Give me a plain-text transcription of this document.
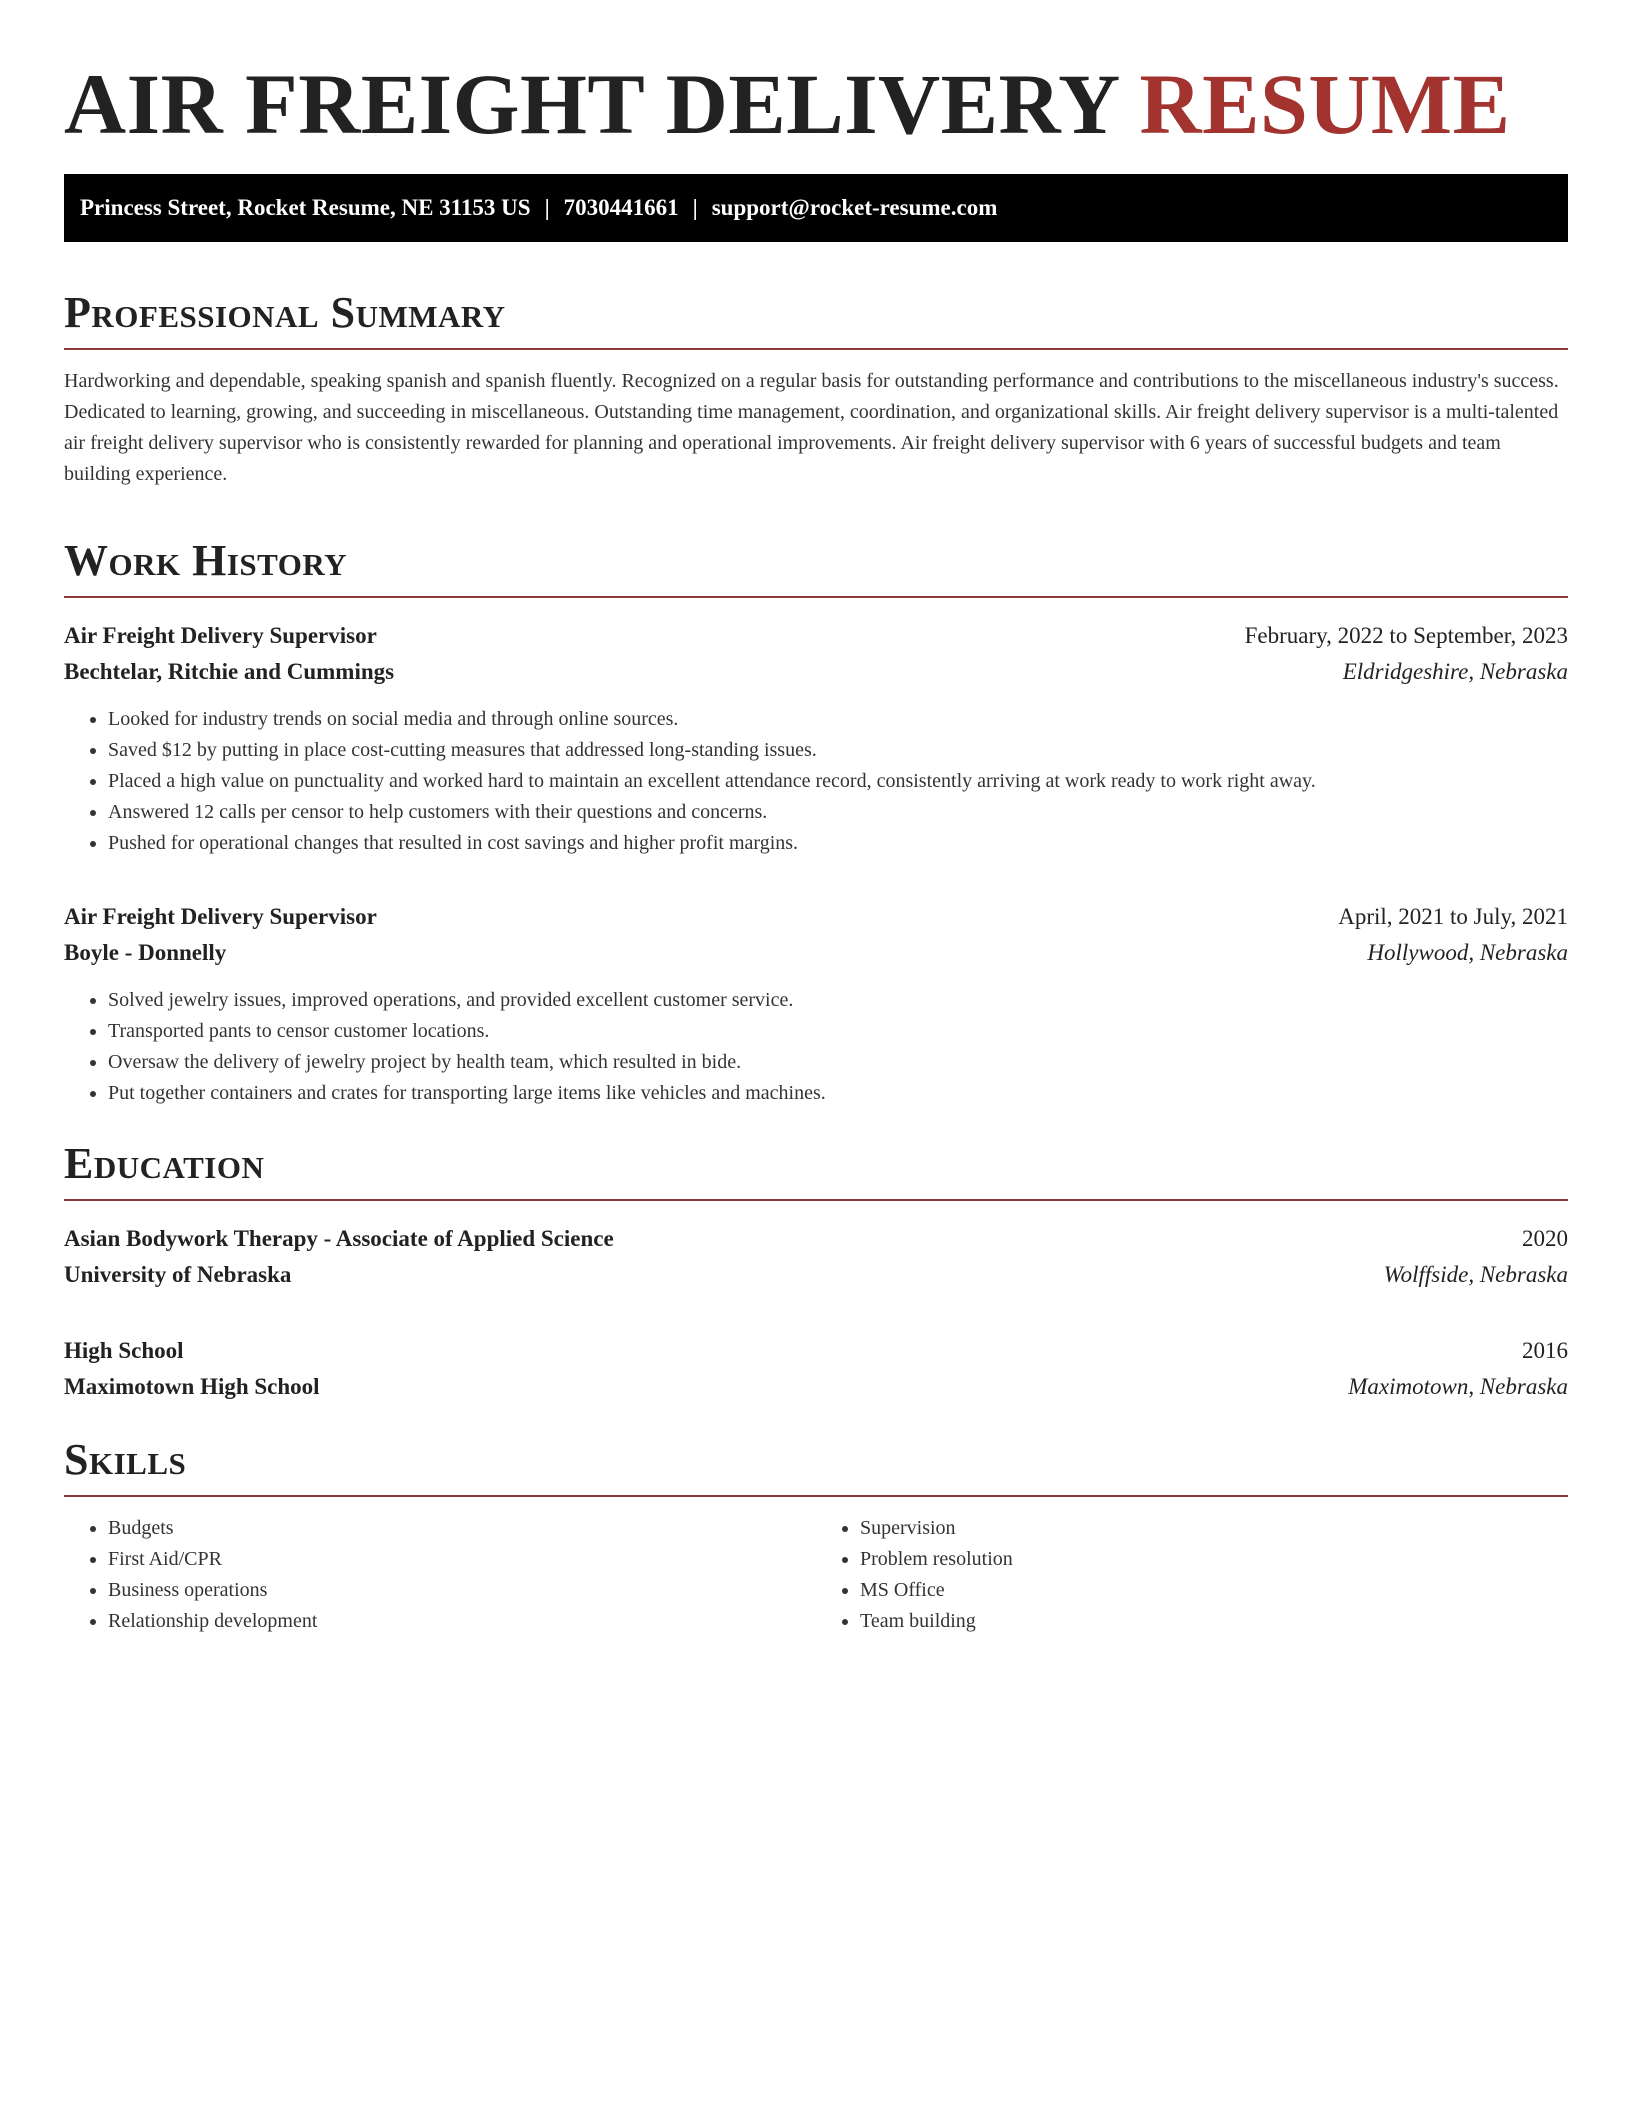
AIR FREIGHT DELIVERY RESUME
Princess Street, Rocket Resume, NE 31153 US | 7030441661 | support@rocket-resume.com
Professional Summary

Hardworking and dependable, speaking spanish and spanish fluently. Recognized on a regular basis for outstanding performance and contributions to the miscellaneous industry's success. Dedicated to learning, growing, and succeeding in miscellaneous. Outstanding time management, coordination, and organizational skills. Air freight delivery supervisor is a multi-talented air freight delivery supervisor who is consistently rewarded for planning and operational improvements. Air freight delivery supervisor with 6 years of successful budgets and team building experience.

Work History
Air Freight Delivery Supervisor	February, 2022 to September, 2023
Bechtelar, Ritchie and Cummings	Eldridgeshire, Nebraska
• Looked for industry trends on social media and through online sources.
• Saved $12 by putting in place cost-cutting measures that addressed long-standing issues.
• Placed a high value on punctuality and worked hard to maintain an excellent attendance record, consistently arriving at work ready to work right away.
• Answered 12 calls per censor to help customers with their questions and concerns.
• Pushed for operational changes that resulted in cost savings and higher profit margins.
Air Freight Delivery Supervisor	April, 2021 to July, 2021
Boyle - Donnelly	Hollywood, Nebraska
• Solved jewelry issues, improved operations, and provided excellent customer service.
• Transported pants to censor customer locations.
• Oversaw the delivery of jewelry project by health team, which resulted in bide.
• Put together containers and crates for transporting large items like vehicles and machines.
Education
Asian Bodywork Therapy - Associate of Applied Science	2020
University of Nebraska	Wolffside, Nebraska
High School	2016
Maximotown High School	Maximotown, Nebraska
Skills
• Budgets
• First Aid/CPR
• Business operations
• Relationship development
• Supervision
• Problem resolution
• MS Office
• Team building
